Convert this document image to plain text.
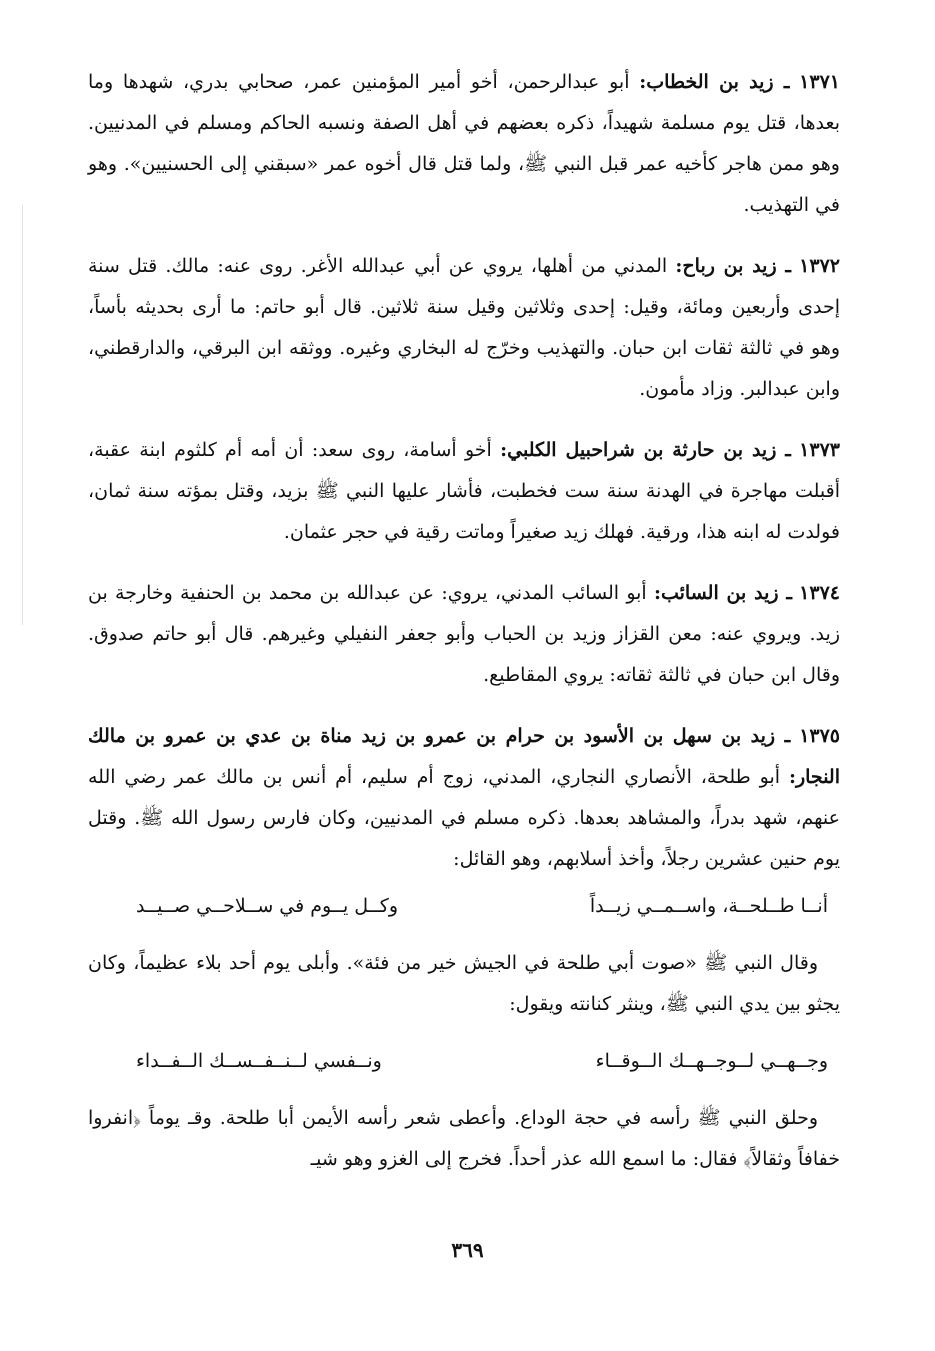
١٣٧١ ـ زيد بن الخطاب: أبو عبدالرحمن، أخو أمير المؤمنين عمر، صحابي بدري، شهدها وما بعدها، قتل يوم مسلمة شهيداً، ذكره بعضهم في أهل الصفة ونسبه الحاكم ومسلم في المدنيين. وهو ممن هاجر كأخيه عمر قبل النبي ﷺ، ولما قتل قال أخوه عمر «سبقني إلى الحسنيين». وهو في التهذيب.

١٣٧٢ ـ زيد بن رباح: المدني من أهلها، يروي عن أبي عبدالله الأغر. روى عنه: مالك. قتل سنة إحدى وأربعين ومائة، وقيل: إحدى وثلاثين وقيل سنة ثلاثين. قال أبو حاتم: ما أرى بحديثه بأساً، وهو في ثالثة ثقات ابن حبان. والتهذيب وخرّج له البخاري وغيره. ووثقه ابن البرقي، والدارقطني، وابن عبدالبر. وزاد مأمون.

١٣٧٣ ـ زيد بن حارثة بن شراحبيل الكلبي: أخو أسامة، روى سعد: أن أمه أم كلثوم ابنة عقبة، أقبلت مهاجرة في الهدنة سنة ست فخطبت، فأشار عليها النبي ﷺ بزيد، وقتل بمؤته سنة ثمان، فولدت له ابنه هذا، ورقية. فهلك زيد صغيراً وماتت رقية في حجر عثمان.

١٣٧٤ ـ زيد بن السائب: أبو السائب المدني، يروي: عن عبدالله بن محمد بن الحنفية وخارجة بن زيد. ويروي عنه: معن القزاز وزيد بن الحباب وأبو جعفر النفيلي وغيرهم. قال أبو حاتم صدوق. وقال ابن حبان في ثالثة ثقاته: يروي المقاطيع.

١٣٧٥ ـ زيد بن سهل بن الأسود بن حرام بن عمرو بن زيد مناة بن عدي بن عمرو بن مالك النجار: أبو طلحة، الأنصاري النجاري، المدني، زوج أم سليم، أم أنس بن مالك عمر رضي الله عنهم، شهد بدراً، والمشاهد بعدها. ذكره مسلم في المدنيين، وكان فارس رسول الله ﷺ. وقتل يوم حنين عشرين رجلاً، وأخذ أسلابهم، وهو القائل:

أنــا طــلحــة، واســمــي زيــداً
وكــل يــوم في ســلاحــي صــيــد

وقال النبي ﷺ «صوت أبي طلحة في الجيش خير من فئة». وأبلى يوم أحد بلاء عظيماً، وكان يجثو بين يدي النبي ﷺ، وينثر كنانته ويقول:

وجــهــي لــوجــهــك الــوقــاء
ونــفسي لــنــفــســك الــفــداء

وحلق النبي ﷺ رأسه في حجة الوداع. وأعطى شعر رأسه الأيمن أبا طلحة. وقـ يوماً ﴿انفروا خفافاً وثقالاً﴾ فقال: ما اسمع الله عذر أحداً. فخرج إلى الغزو وهو شيـ

٣٦٩
